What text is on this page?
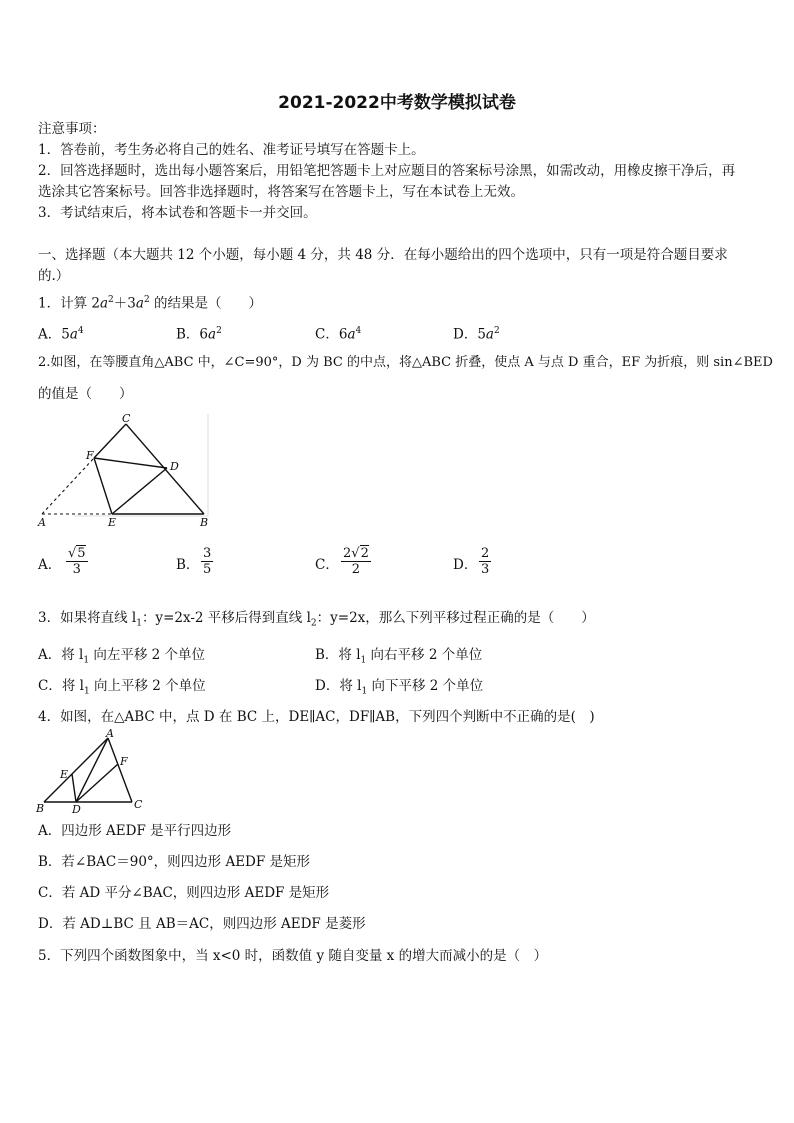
2021-2022中考数学模拟试卷
注意事项：
1．答卷前，考生务必将自己的姓名、准考证号填写在答题卡上。
2．回答选择题时，选出每小题答案后，用铅笔把答题卡上对应题目的答案标号涂黑，如需改动，用橡皮擦干净后，再
选涂其它答案标号。回答非选择题时，将答案写在答题卡上，写在本试卷上无效。
3．考试结束后，将本试卷和答题卡一并交回。
一、选择题（本大题共 12 个小题，每小题 4 分，共 48 分．在每小题给出的四个选项中，只有一项是符合题目要求
的.）
1．计算 $2a^2+3a^2$ 的结果是（　　）
A．$5a^4$	B．$6a^2$	C．$6a^4$	D．$5a^2$
2.如图，在等腰直角△ABC 中，∠C=90°，D 为 BC 的中点，将△ABC 折叠，使点 A 与点 D 重合，EF 为折痕，则 sin∠BED
的值是（　　）
C
F
D
A	E	B
A． $\frac{√5}{3}$	B． $\frac{3}{5}$	C． $\frac{2√2}{2}$	D． $\frac{2}{3}$
3．如果将直线 $l_1$：y=2x-2 平移后得到直线 $l_2$：y=2x，那么下列平移过程正确的是（　　）
A．将 $l_1$ 向左平移 2 个单位	B．将 $l_1$ 向右平移 2 个单位
C．将 $l_1$ 向上平移 2 个单位	D．将 $l_1$ 向下平移 2 个单位
4．如图，在△ABC 中，点 D 在 BC 上，DE∥AC，DF∥AB，下列四个判断中不正确的是(　)
A
E
F
B	D	C
A．四边形 AEDF 是平行四边形
B．若∠BAC＝90°，则四边形 AEDF 是矩形
C．若 AD 平分∠BAC，则四边形 AEDF 是矩形
D．若 AD⊥BC 且 AB＝AC，则四边形 AEDF 是菱形
5．下列四个函数图象中，当 x<0 时，函数值 y 随自变量 x 的增大而减小的是（　）
